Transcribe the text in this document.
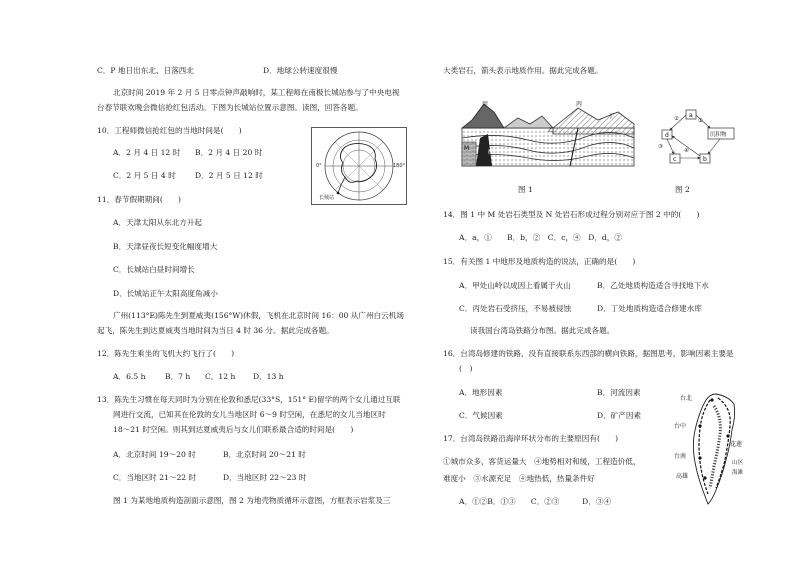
C．P 地日出东北、日落西北	D．地球公转速度很慢
北京时间 2019 年 2 月 5 日零点钟声敲响时，某工程师在南极长城站参与了中央电视
台春节联欢晚会微信抢红包活动。下图为长城站位置示意图。读图，回答各题。
10．工程师微信抢红包的当地时间是(　　)
A．2 月 4 日 12 时 B．2 月 4 日 20 时
C．2 月 5 日 4 时	D．2 月 5 日 12 时
0°	180°
长城站
11．春节假期期间(　　)
A．天津太阳从东北方升起
B．天津昼夜长短变化幅度增大
C．长城站白昼时间增长
D．长城站正午太阳高度角减小
广州(113°E)陈先生到夏威夷(156°W)休假，飞机在北京时间 16：00 从广州白云机场
起飞，陈先生到达夏威夷当地时间为当日 4 时 36 分。据此完成各题。
12．陈先生乘坐的飞机大约飞行了(　　)
A．6.5 h	B．7 h C．12 h D．13 h
13．陈先生习惯在每天同时为分别在伦敦和悉尼(33°S，151° E)留学的两个女儿通过互联
网进行交流，已知其在伦敦的女儿当地区时 6～9 时空闲，在悉尼的女儿当地区时
18～21 时空闲。则其到达夏威夷后与女儿们联系最合适的时间是(　　)
A．北京时间 19～20 时	B．北京时间 20～21 时
C．当地区时 21～22 时	D．当地区时 22～23 时
图 1 为某地地质构造剖面示意图，图 2 为地壳物质循环示意图，方框表示岩浆及三
大类岩石，箭头表示地质作用。据此完成各题。
甲	丙
乙
丁
M
N
图 1
a
d	沉积物
c	b
①
②
③
④
图 2
14．图 1 中 M 处岩石类型及 N 处岩石形成过程分别对应于图 2 中的(　　)
A．a，①　　B．b，②　C．c，④　D．d，②
15．有关图 1 中地形及地质构造的说法，正确的是(　　)
A．甲处山岭以成因上看属于火山	B．乙处地质构造适合寻找地下水
C．丙处岩石受挤压，不易被侵蚀	D．丁处地质构造适合修建水库
读我国台湾岛铁路分布图。据此完成各题。
16．台湾岛修建的铁路，没有直接联系东西部的横向铁路，据图思考，影响因素主要是
(　)
A．地形因素	B．河流因素
C．气候因素	D．矿产因素
17．台湾岛铁路沿海岸环状分布的主要原因有(　　)
①城市众多，客货运量大　④地势相对和缓，工程造价低，
难度小　③水源充足　④地热低，热量条件好
A．①②B．①③　　C．②③　　　D．③④
台北
台中
台南
高雄
花莲
山区
海滩
